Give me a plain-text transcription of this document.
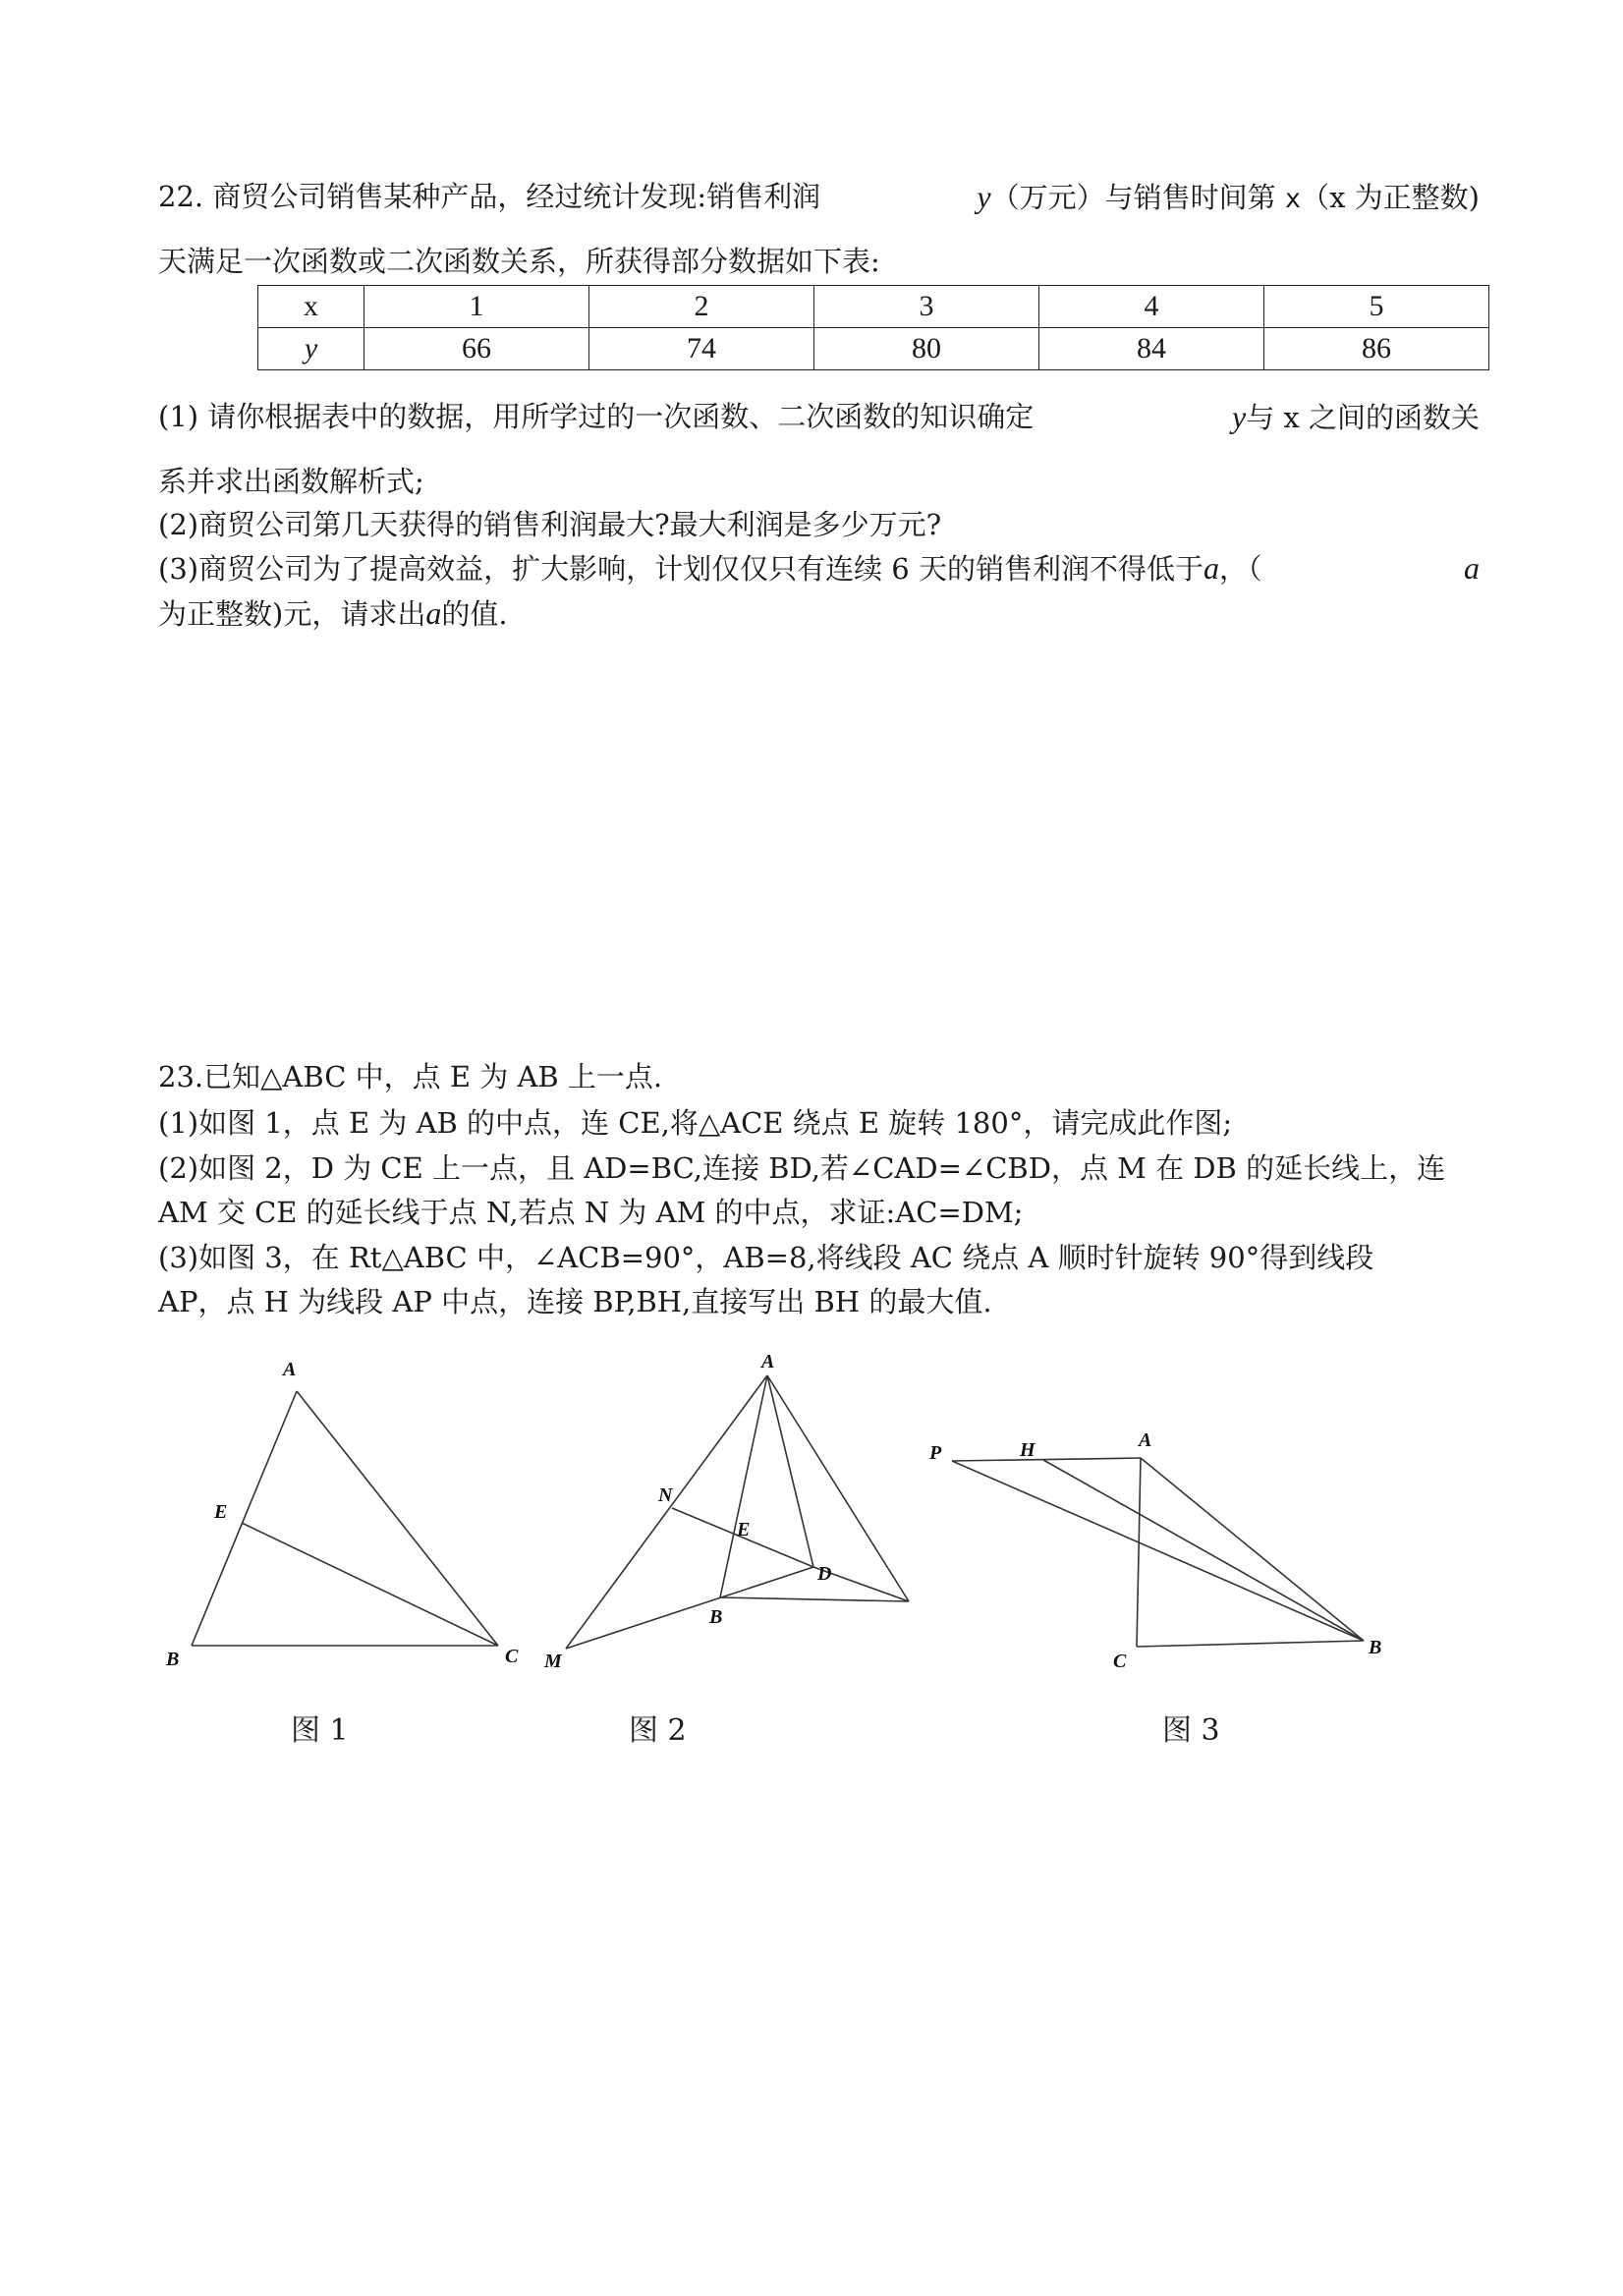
22. 商贸公司销售某种产品，经过统计发现:销售利润	y（万元）与销售时间第 x（x 为正整数)
天满足一次函数或二次函数关系，所获得部分数据如下表:
x	1	2	3	4	5
y	66	74	80	84	86
(1) 请你根据表中的数据，用所学过的一次函数、二次函数的知识确定	y与 x 之间的函数关
系并求出函数解析式;
(2)商贸公司第几天获得的销售利润最大?最大利润是多少万元?
(3)商贸公司为了提高效益，扩大影响，计划仅仅只有连续 6 天的销售利润不得低于a，（	a
为正整数)元，请求出a的值.
23.已知△ABC 中，点 E 为 AB 上一点.
(1)如图 1，点 E 为 AB 的中点，连 CE,将△ACE 绕点 E 旋转 180°，请完成此作图;
(2)如图 2，D 为 CE 上一点，且 AD=BC,连接 BD,若∠CAD=∠CBD，点 M 在 DB 的延长线上，连
AM 交 CE 的延长线于点 N,若点 N 为 AM 的中点，求证:AC=DM;
(3)如图 3，在 Rt△ABC 中，∠ACB=90°，AB=8,将线段 AC 绕点 A 顺时针旋转 90°得到线段
AP，点 H 为线段 AP 中点，连接 BP,BH,直接写出 BH 的最大值.
A
E
B	C
A
N
E
D
B
M
P	H	A
C
B
图 1	图 2	图 3
